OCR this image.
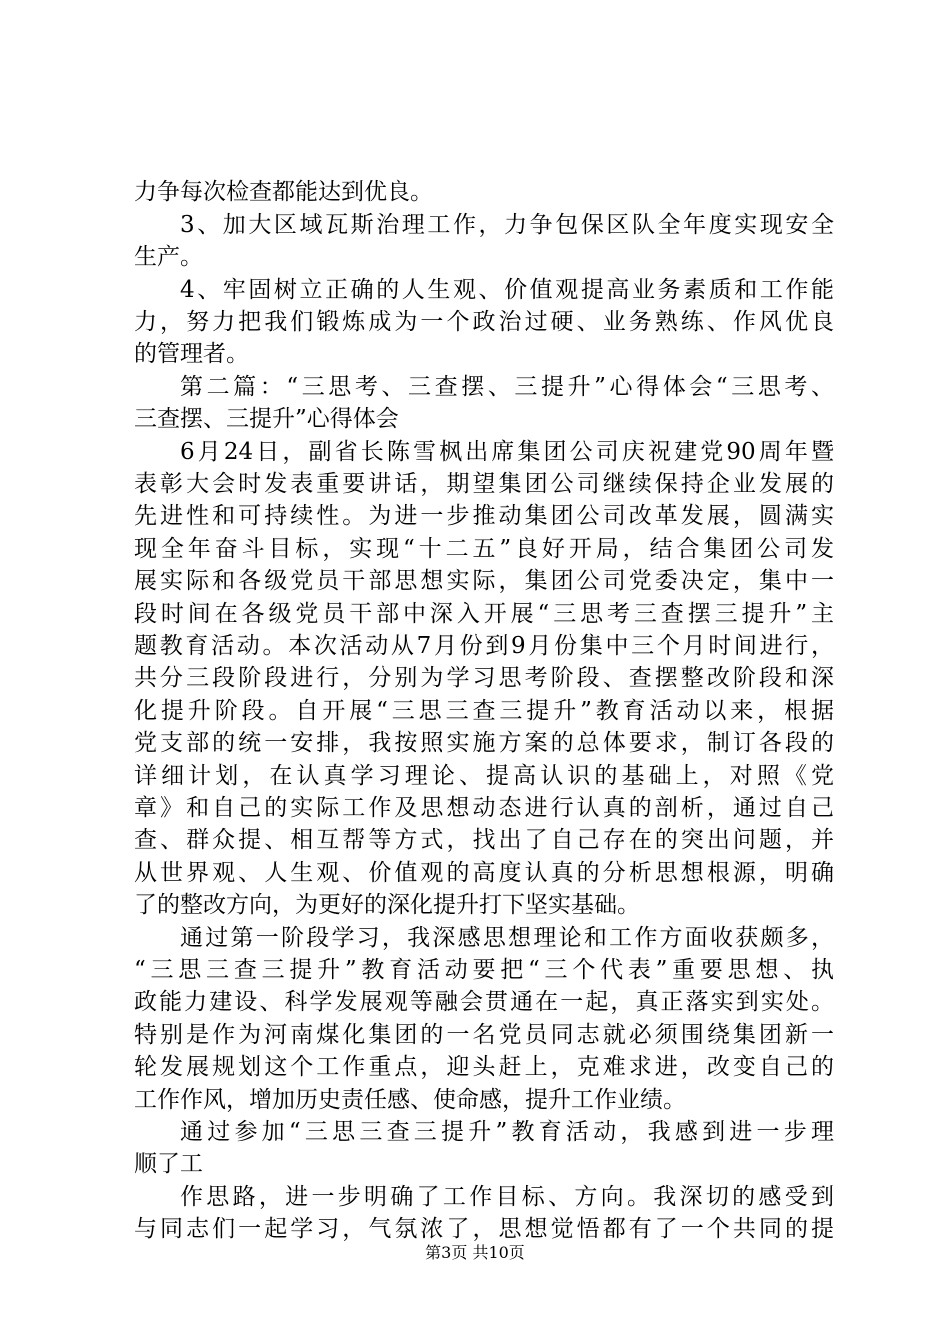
力争每次检查都能达到优良。
3、加大区域瓦斯治理工作，力争包保区队全年度实现安全
生产。
4、牢固树立正确的人生观、价值观提高业务素质和工作能
力，努力把我们锻炼成为一个政治过硬、业务熟练、作风优良
的管理者。
第二篇：“三思考、三查摆、三提升”心得体会“三思考、
三查摆、三提升”心得体会
6月24日，副省长陈雪枫出席集团公司庆祝建党90周年暨
表彰大会时发表重要讲话，期望集团公司继续保持企业发展的
先进性和可持续性。为进一步推动集团公司改革发展，圆满实
现全年奋斗目标，实现“十二五”良好开局，结合集团公司发
展实际和各级党员干部思想实际，集团公司党委决定，集中一
段时间在各级党员干部中深入开展“三思考三查摆三提升”主
题教育活动。本次活动从7月份到9月份集中三个月时间进行，
共分三段阶段进行，分别为学习思考阶段、查摆整改阶段和深
化提升阶段。自开展“三思三查三提升”教育活动以来，根据
党支部的统一安排，我按照实施方案的总体要求，制订各段的
详细计划，在认真学习理论、提高认识的基础上，对照《党
章》和自己的实际工作及思想动态进行认真的剖析，通过自己
查、群众提、相互帮等方式，找出了自己存在的突出问题，并
从世界观、人生观、价值观的高度认真的分析思想根源，明确
了的整改方向，为更好的深化提升打下坚实基础。
通过第一阶段学习，我深感思想理论和工作方面收获颇多，
“三思三查三提升”教育活动要把“三个代表”重要思想、执
政能力建设、科学发展观等融会贯通在一起，真正落实到实处。
特别是作为河南煤化集团的一名党员同志就必须围绕集团新一
轮发展规划这个工作重点，迎头赶上，克难求进，改变自己的
工作作风，增加历史责任感、使命感，提升工作业绩。
通过参加“三思三查三提升”教育活动，我感到进一步理
顺了工
作思路，进一步明确了工作目标、方向。我深切的感受到
与同志们一起学习，气氛浓了，思想觉悟都有了一个共同的提
第3页 共10页
